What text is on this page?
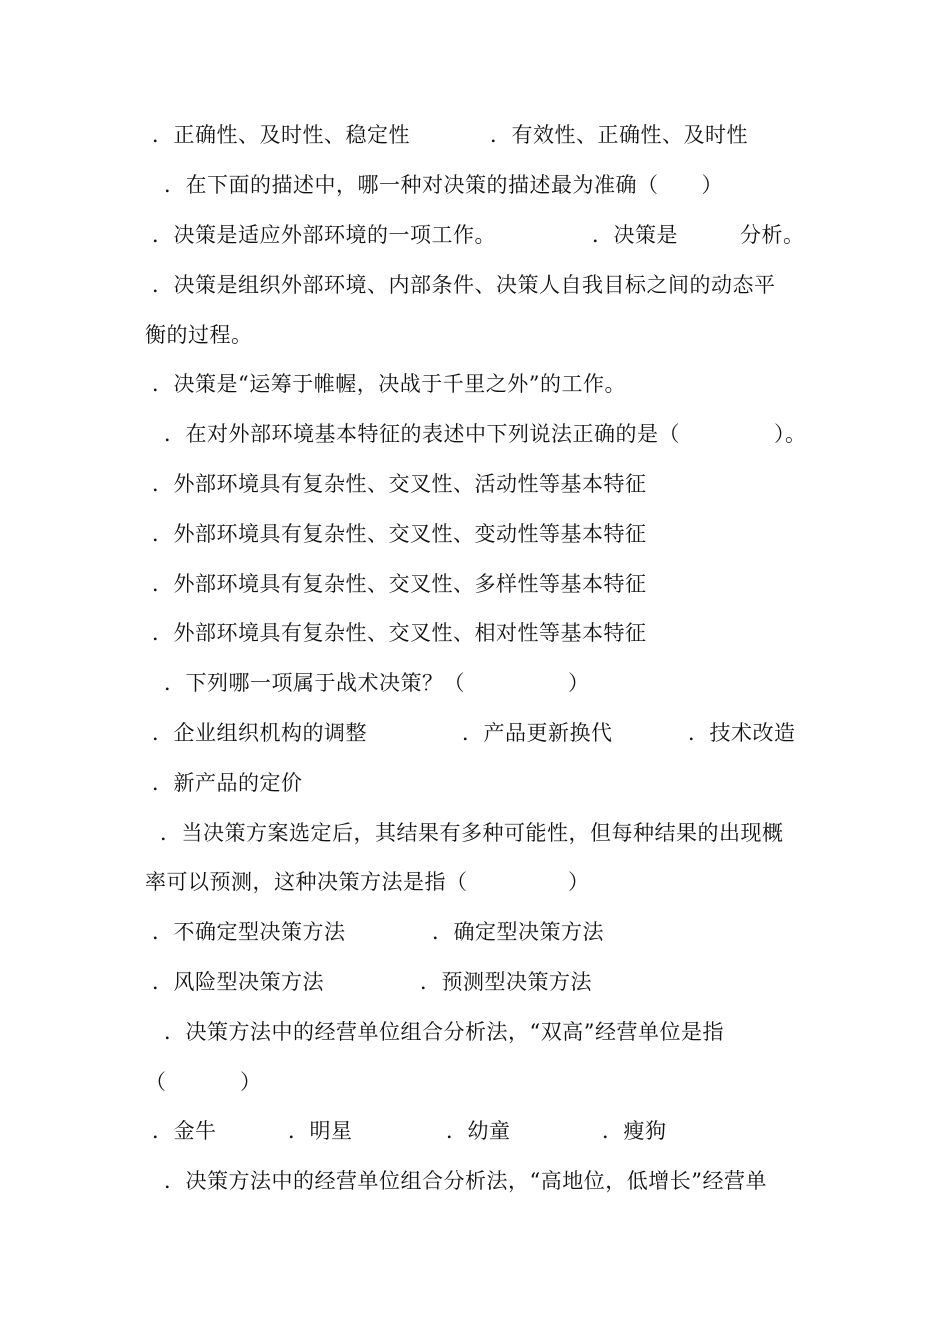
．正确性、及时性、稳定性	．有效性、正确性、及时性
．在下面的描述中，哪一种对决策的描述最为准确（　　）
．决策是适应外部环境的一项工作。	．决策是	分析。
．决策是组织外部环境、内部条件、决策人自我目标之间的动态平
衡的过程。
．决策是“运筹于帷幄，决战于千里之外”的工作。
．在对外部环境基本特征的表述中下列说法正确的是（	）。
．外部环境具有复杂性、交叉性、活动性等基本特征
．外部环境具有复杂性、交叉性、变动性等基本特征
．外部环境具有复杂性、交叉性、多样性等基本特征
．外部环境具有复杂性、交叉性、相对性等基本特征
．下列哪一项属于战术决策？（	）
．企业组织机构的调整	．产品更新换代	．技术改造
．新产品的定价
．当决策方案选定后，其结果有多种可能性，但每种结果的出现概
率可以预测，这种决策方法是指（	）
．不确定型决策方法	．确定型决策方法
．风险型决策方法	．预测型决策方法
．决策方法中的经营单位组合分析法，“双高”经营单位是指
（	）
．金牛	．明星	．幼童	．瘦狗
．决策方法中的经营单位组合分析法，“高地位，低增长”经营单
